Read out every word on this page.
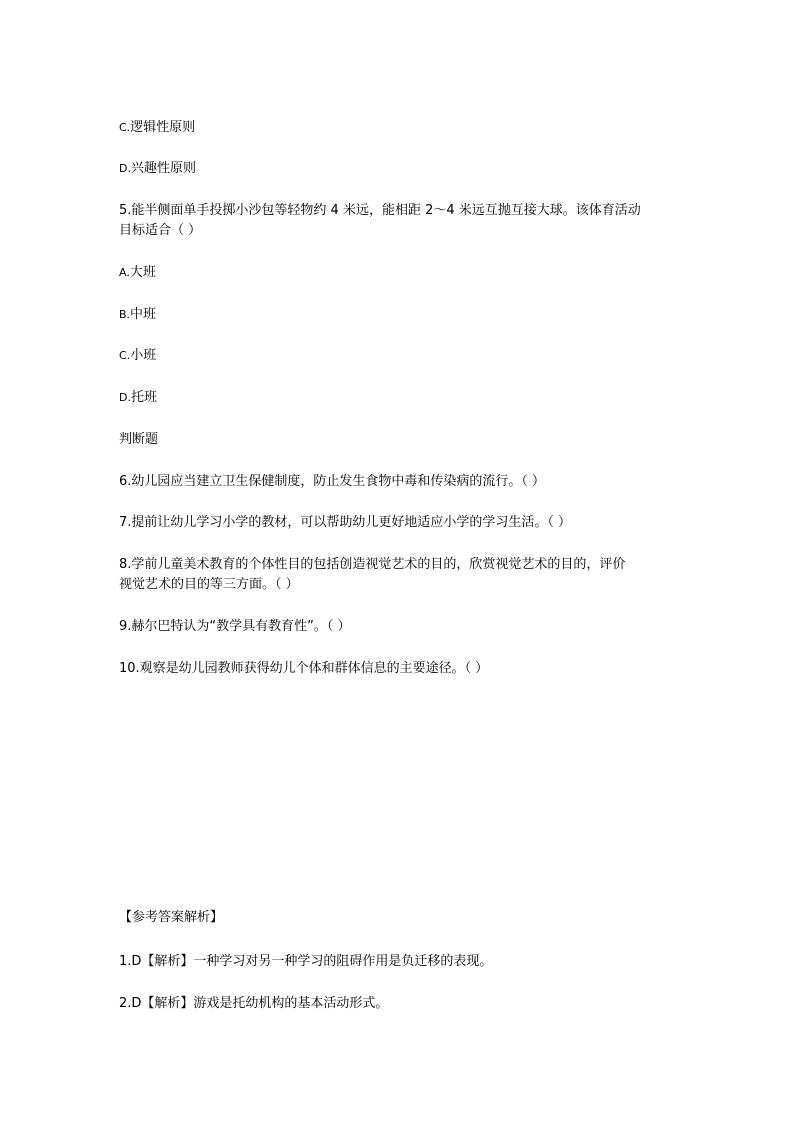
C.逻辑性原则
D.兴趣性原则
5.能半侧面单手投掷小沙包等轻物约 4 米远，能相距 2～4 米远互抛互接大球。该体育活动
目标适合（ ）
A.大班
B.中班
C.小班
D.托班
判断题
6.幼儿园应当建立卫生保健制度，防止发生食物中毒和传染病的流行。（ ）
7.提前让幼儿学习小学的教材，可以帮助幼儿更好地适应小学的学习生活。（ ）
8.学前儿童美术教育的个体性目的包括创造视觉艺术的目的，欣赏视觉艺术的目的，评价
视觉艺术的目的等三方面。（ ）
9.赫尔巴特认为“教学具有教育性”。（ ）
10.观察是幼儿园教师获得幼儿个体和群体信息的主要途径。（ ）
【参考答案解析】
1.D【解析】一种学习对另一种学习的阻碍作用是负迁移的表现。
2.D【解析】游戏是托幼机构的基本活动形式。
